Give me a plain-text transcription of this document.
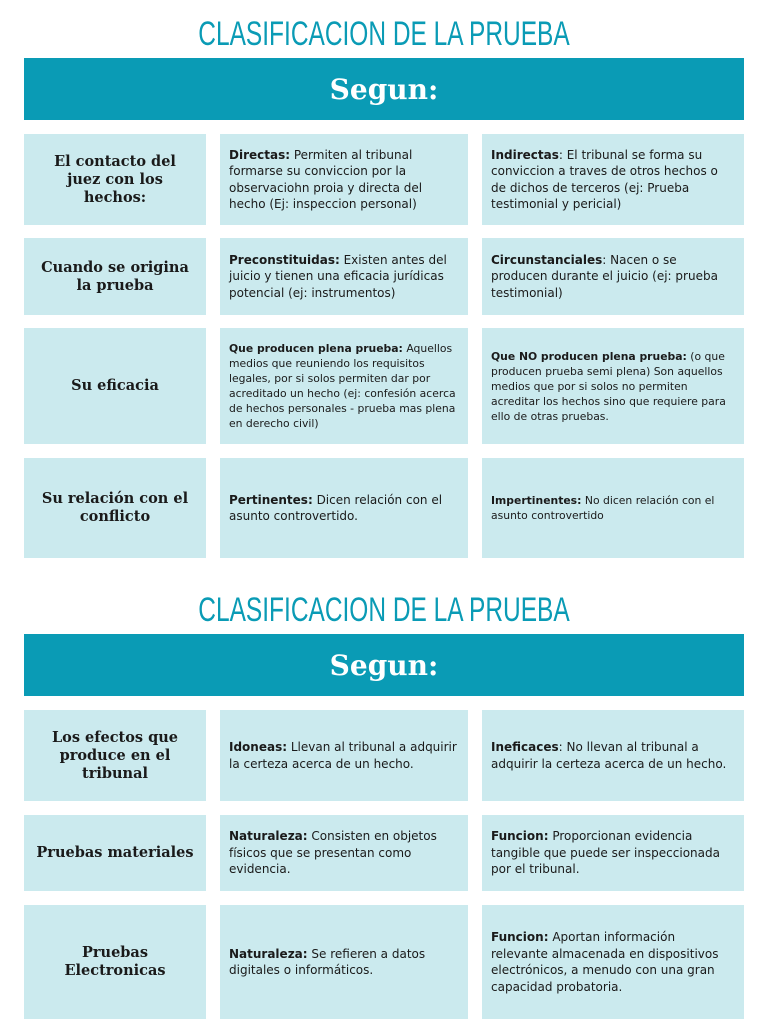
CLASIFICACION DE LA PRUEBA
Segun:
El contacto del juez con los hechos:
Directas: Permiten al tribunal formarse su conviccion por la observaciohn proia y directa del hecho (Ej: inspeccion personal)
Indirectas: El tribunal se forma su conviccion a traves de otros hechos o de dichos de terceros (ej: Prueba testimonial y pericial)
Cuando se origina la prueba
Preconstituidas: Existen antes del juicio y tienen una eficacia jurídicas potencial (ej: instrumentos)
Circunstanciales: Nacen o se producen durante el juicio (ej: prueba testimonial)
Su eficacia
Que producen plena prueba: Aquellos medios que reuniendo los requisitos legales, por si solos permiten dar por acreditado un hecho (ej: confesión acerca de hechos personales - prueba mas plena en derecho civil)
Que NO producen plena prueba: (o que producen prueba semi plena) Son aquellos medios que por si solos no permiten acreditar los hechos sino que requiere para ello de otras pruebas.
Su relación con el conflicto
Pertinentes: Dicen relación con el asunto controvertido.
Impertinentes: No dicen relación con el asunto controvertido
CLASIFICACION DE LA PRUEBA
Segun:
Los efectos que produce en el tribunal
Idoneas: Llevan al tribunal a adquirir la certeza acerca de un hecho.
Ineficaces: No llevan al tribunal a adquirir la certeza acerca de un hecho.
Pruebas materiales
Naturaleza: Consisten en objetos físicos que se presentan como evidencia.
Funcion: Proporcionan evidencia tangible que puede ser inspeccionada por el tribunal.
Pruebas Electronicas
Naturaleza: Se refieren a datos digitales o informáticos.
Funcion: Aportan información relevante almacenada en dispositivos electrónicos, a menudo con una gran capacidad probatoria.
